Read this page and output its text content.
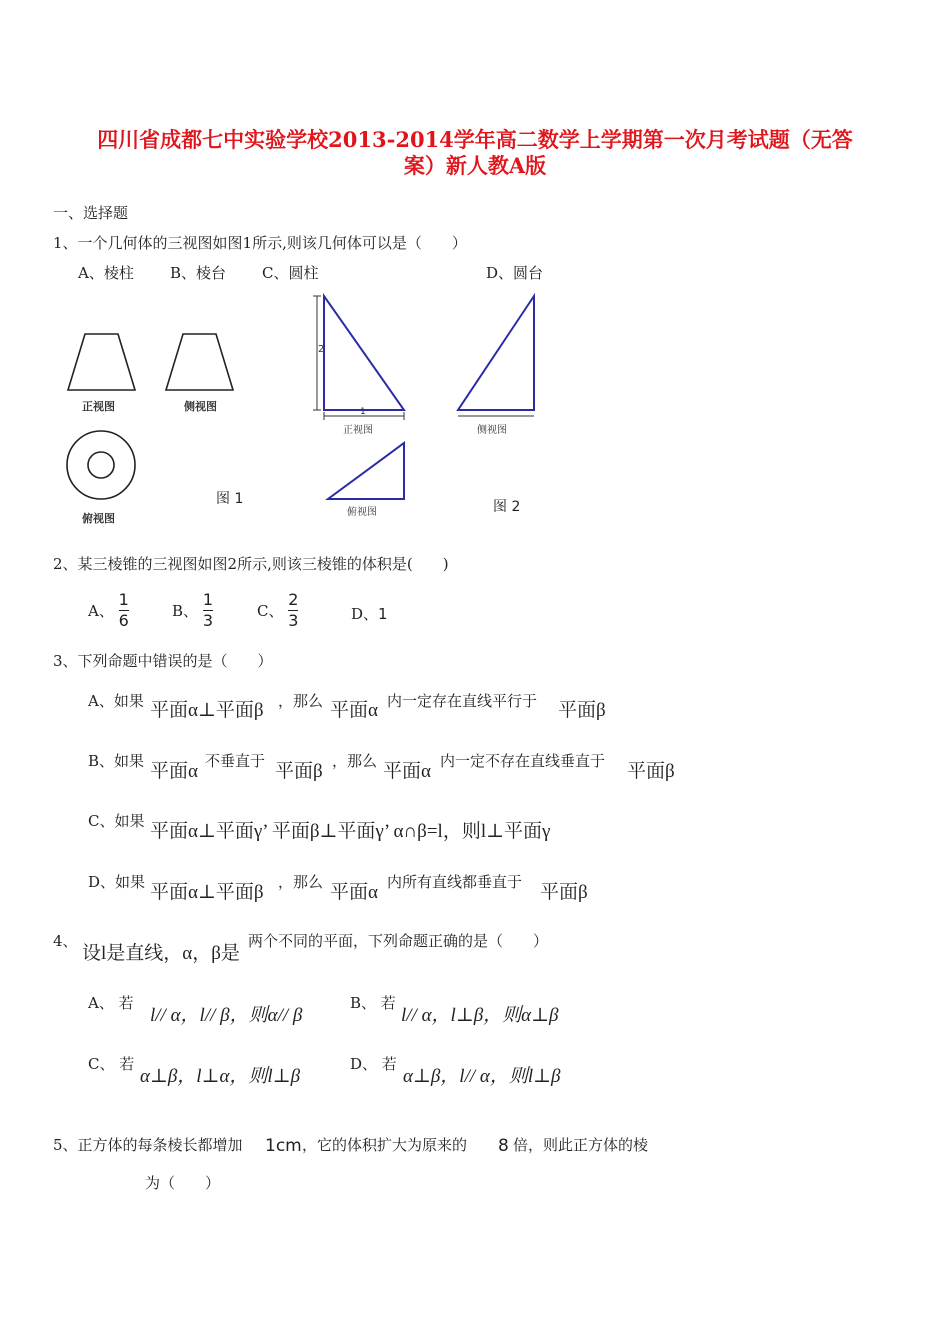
四川省成都七中实验学校2013-2014学年高二数学上学期第一次月考试题（无答
案）新人教A版
一、选择题
1、一个几何体的三视图如图1所示,则该几何体可以是（　　）
A、棱柱 B、棱台 C、圆柱	D、圆台
正视图	侧视图
俯视图
图 1
2
1
正视图	侧视图
俯视图	图 2
2、某三棱锥的三视图如图2所示,则该三棱锥的体积是(　　)
A、 $\frac{1}{6}$	B、 $\frac{1}{3}$	C、 $\frac{2}{3}$	D、1
3、下列命题中错误的是（　　）
A、如果 平面α⊥平面β ，那么 平面α 内一定存在直线平行于 平面β
B、如果 平面α 不垂直于 平面β ，那么 平面α 内一定不存在直线垂直于 平面β
C、如果 平面α⊥平面γ’ 平面β⊥平面γ’ α∩β=l，则l⊥平面γ
D、如果 平面α⊥平面β ，那么 平面α 内所有直线都垂直于 平面β
4、
设l是直线，α，β是
两个不同的平面，下列命题正确的是（　　）
A、 若
l// α，l// β，则α// β
B、 若
l// α，l⊥β，则α⊥β
C、 若
α⊥β，l⊥α，则l⊥β
D、 若
α⊥β，l// α，则l⊥β
5、正方体的每条棱长都增加 1cm ，它的体积扩大为原来的 8 倍，则此正方体的棱
为（　　）
